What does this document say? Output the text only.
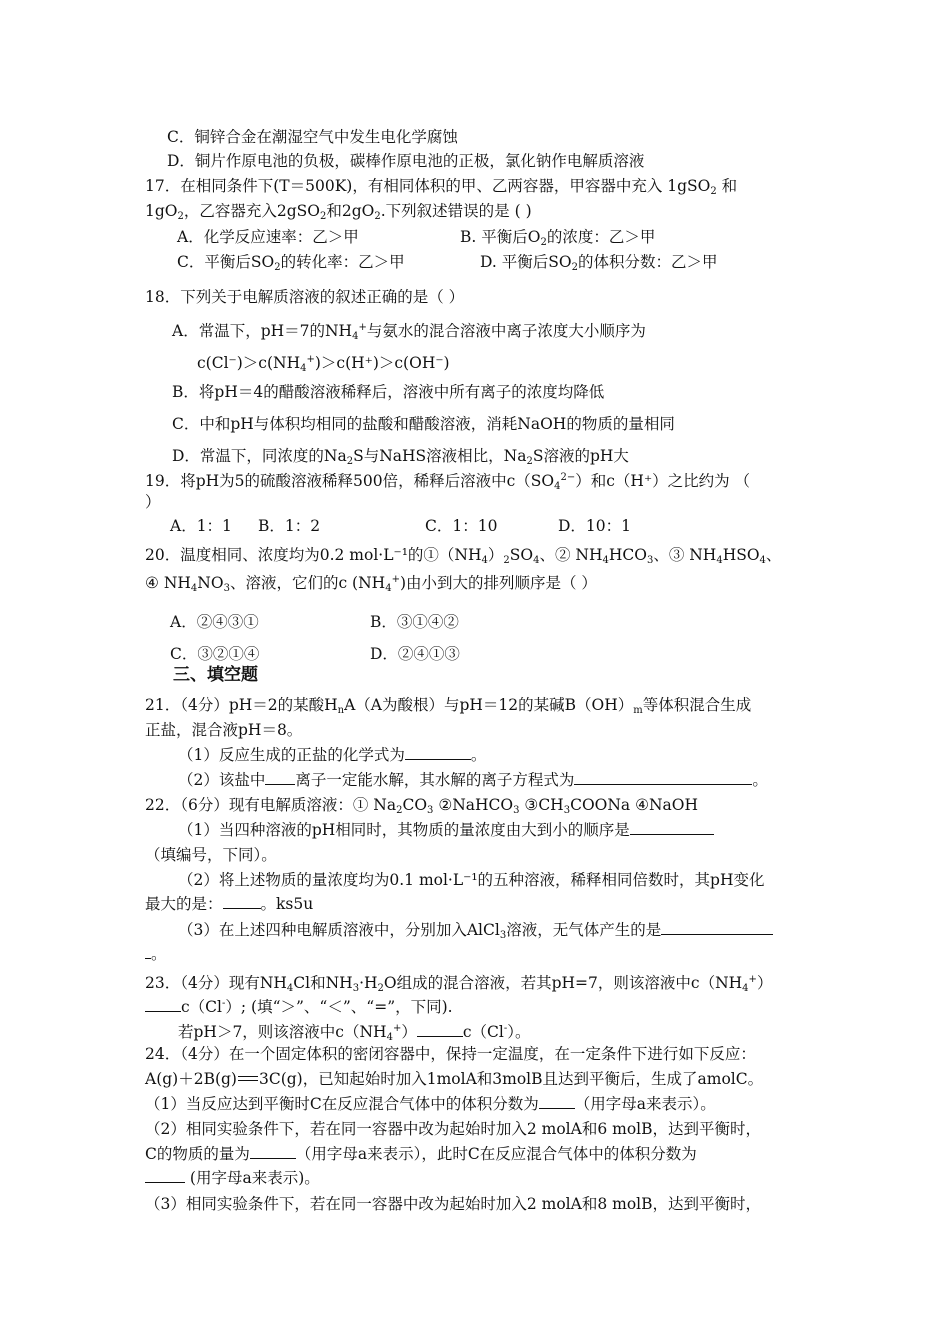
C．铜锌合金在潮湿空气中发生电化学腐蚀
D．铜片作原电池的负极，碳棒作原电池的正极，氯化钠作电解质溶液
17．在相同条件下(T＝500K)，有相同体积的甲、乙两容器，甲容器中充入 1gSO$_2$ 和
$1gO_2$，乙容器充入2gSO$_2$和$2gO_2$.下列叙述错误的是 ( )
A．化学反应速率：乙＞甲	B. 平衡后$O_2$的浓度：乙＞甲
C．平衡后$SO_2$的转化率：乙＞甲	D. 平衡后$SO_2$的体积分数：乙＞甲
18．下列关于电解质溶液的叙述正确的是（ ）
A．常温下，pH＝7的$NH_4^+$与氨水的混合溶液中离子浓度大小顺序为
$c(Cl^-)>c(NH_4^+)>c(H^+)>c(OH^-)$
B．将pH＝4的醋酸溶液稀释后，溶液中所有离子的浓度均降低
C．中和pH与体积均相同的盐酸和醋酸溶液，消耗NaOH的物质的量相同
D．常温下，同浓度的$Na_2S$与NaHS溶液相比，$Na_2S$溶液的pH大
19．将pH为5的硫酸溶液稀释500倍，稀释后溶液中$c(SO_4^{2-})$和c（H⁺）之比约为 （
）
A．1：1 B．1：2	C．1：10	D．10：1
20．温度相同、浓度均为0.2 mol·L⁻¹的$①(NH_4)_2SO_4$、② $NH_4HCO_3$、③ $NH_4HSO_4$、
④ $NH_4NO_3$、溶液，它们的c $(NH_4^+)$由小到大的排列顺序是（ ）
A．②④③①	B．③①④②
C．③②①④	D．②④①③
三、填空题
21．（4分）pH＝2的某酸$H_nA(A$为酸根）与pH＝12的某碱$B(OH)_m$等体积混合生成
正盐，混合液pH＝8。
（1）反应生成的正盐的化学式为	。
（2）该盐中 离子一定能水解，其水解的离子方程式为	。
22．（6分）现有电解质溶液：① $Na_2CO_3$ ②NaHCO$_3$ $③CH_3COONa$ ④NaOH
（1）当四种溶液的pH相同时，其物质的量浓度由大到小的顺序是
（填编号，下同）。
（2）将上述物质的量浓度均为0.1 mol·L⁻¹的五种溶液，稀释相同倍数时，其pH变化
最大的是： 。ks5u
（3）在上述四种电解质溶液中，分别加入AlCl$_3$溶液，无气体产生的是
。
23．（4分）现有$NH_4Cl$和$NH_3\cdot H_2O$组成的混合溶液，若其pH=7，则该溶液中$c(NH_4^+)$
c（Cl-）; (填“＞”、“＜”、“=”，下同).
若pH＞7，则该溶液中$c(NH_4^+)$	c（Cl-）。
24．（4分）在一个固定体积的密闭容器中，保持一定温度，在一定条件下进行如下反应：
A(g)＋2B(g) 3C(g)，已知起始时加入1molA和3molB且达到平衡后，生成了amolC。
（1）当反应达到平衡时C在反应混合气体中的体积分数为 （用字母a来表示）。
（2）相同实验条件下，若在同一容器中改为起始时加入2 molA和6 molB，达到平衡时，
C的物质的量为	（用字母a来表示），此时C在反应混合气体中的体积分数为
(用字母a来表示)。
（3）相同实验条件下，若在同一容器中改为起始时加入2 molA和8 molB，达到平衡时，
